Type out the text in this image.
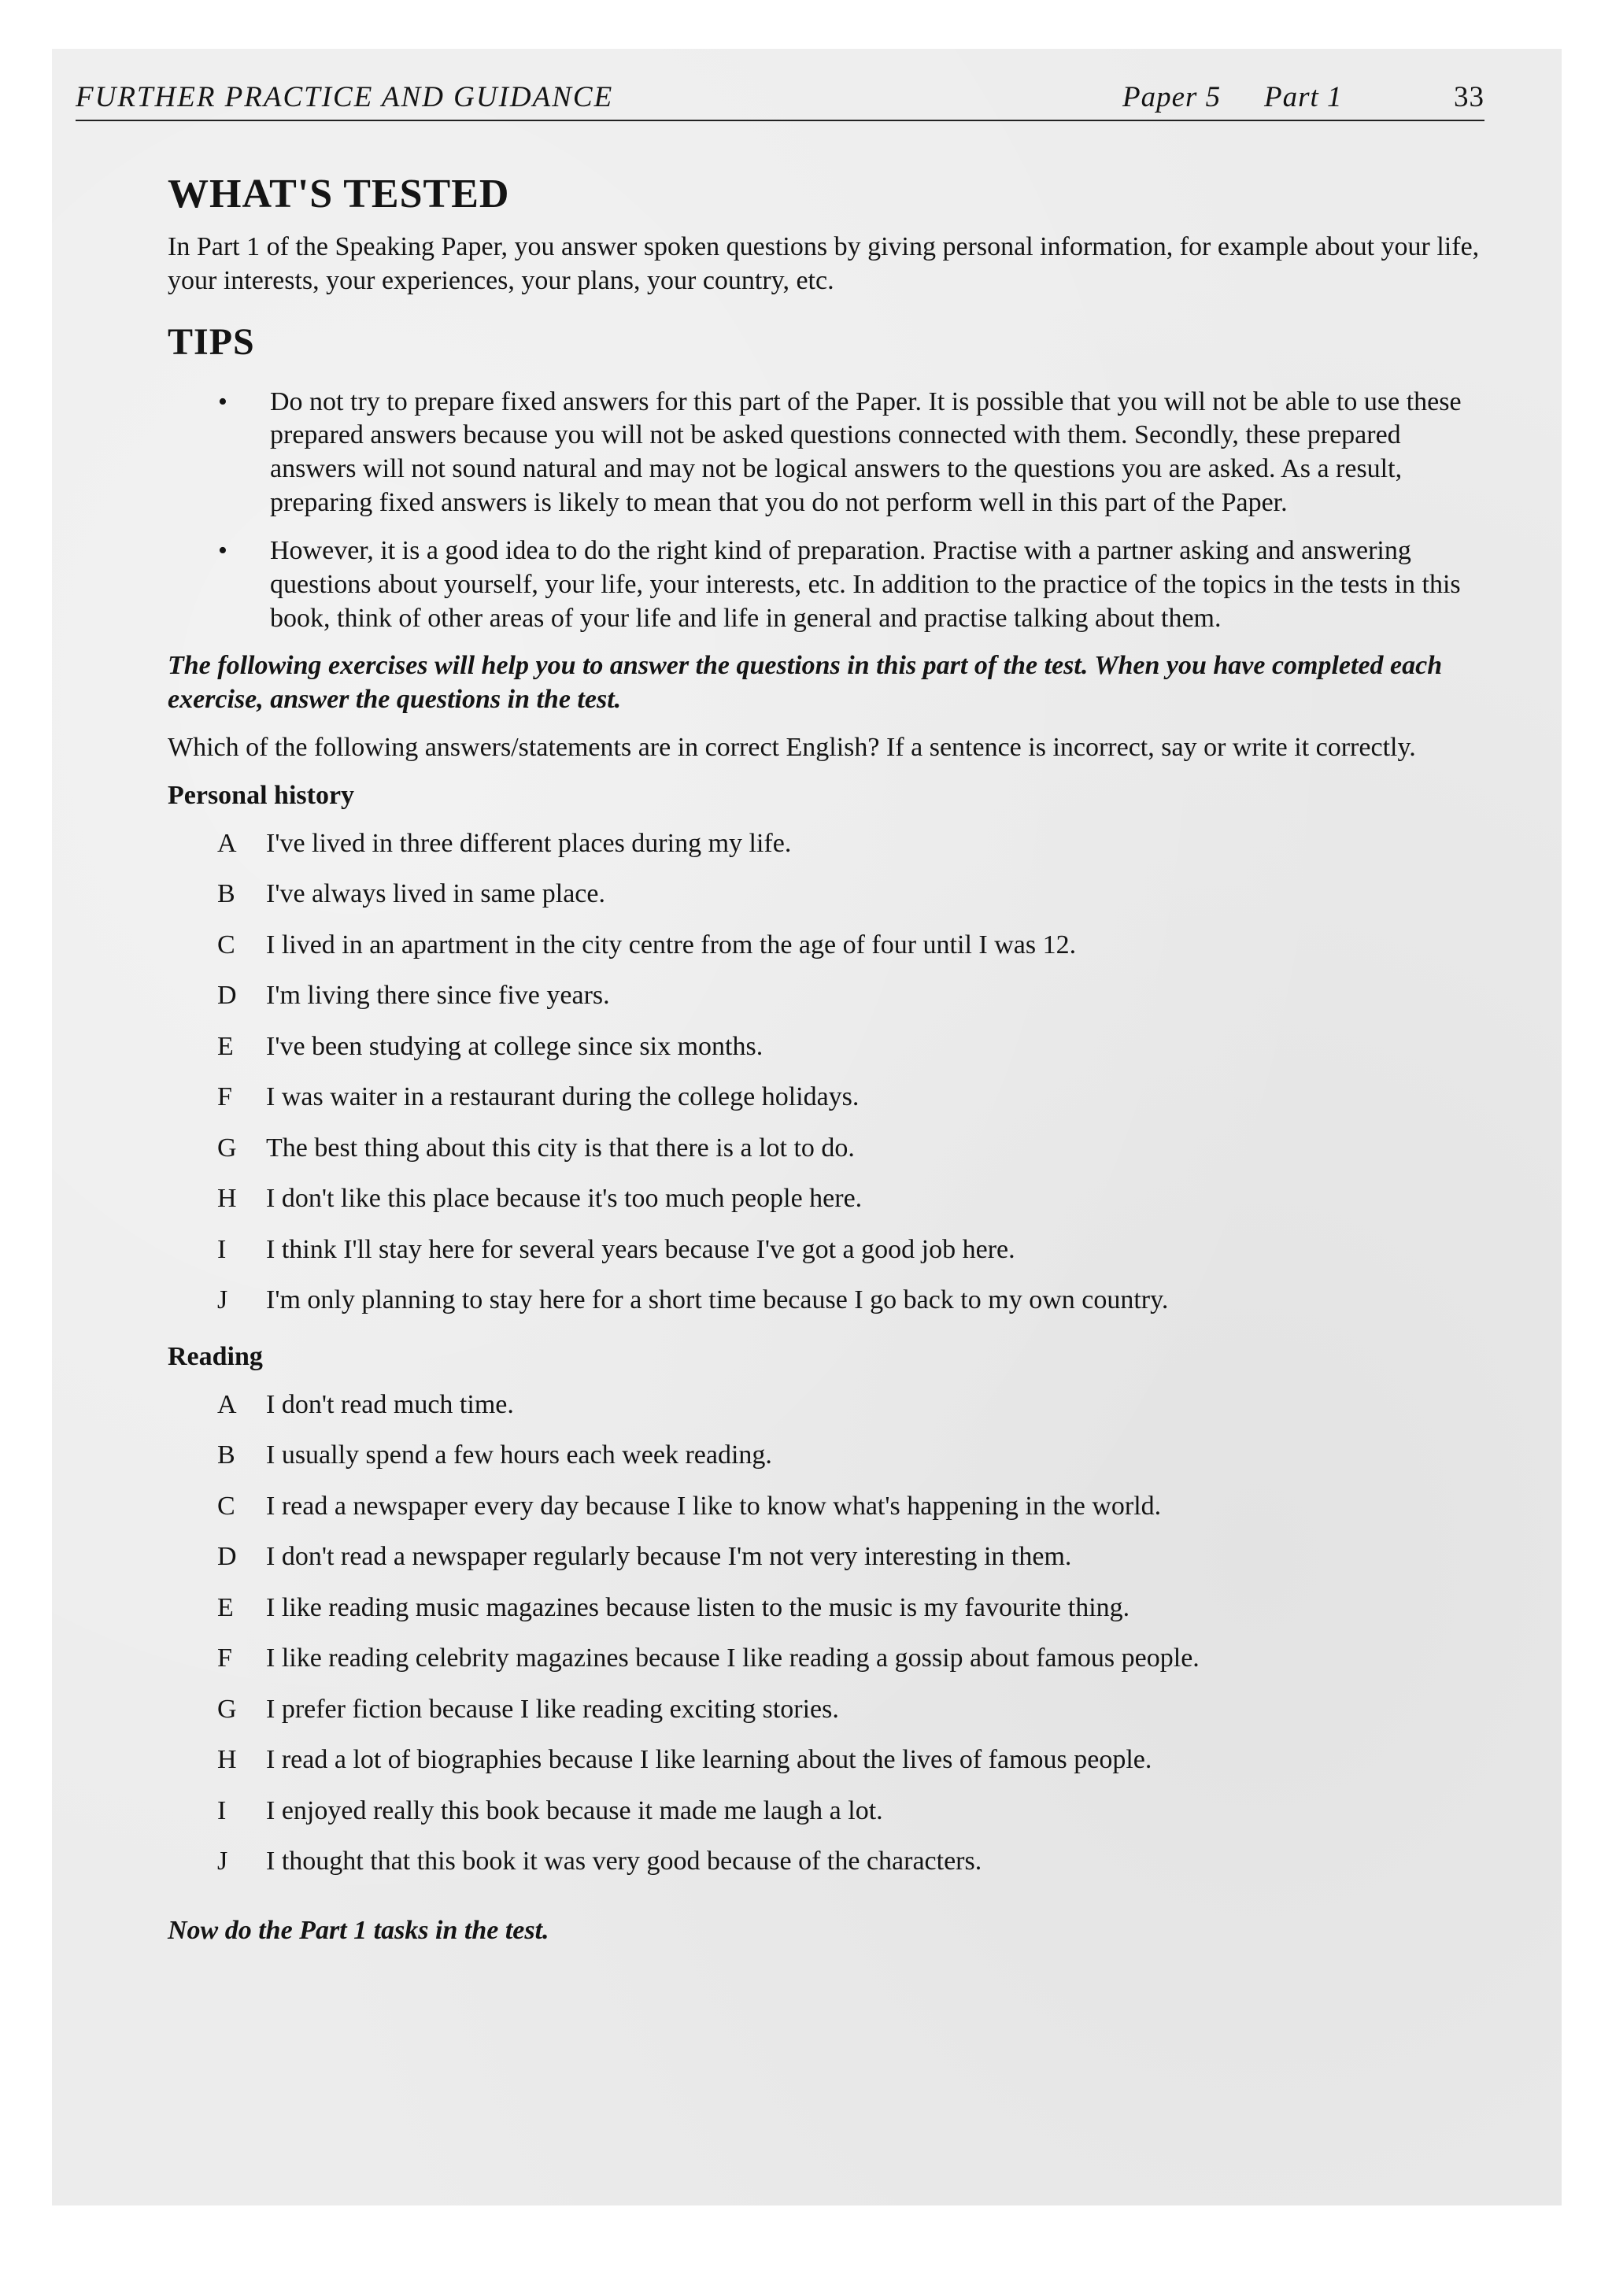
FURTHER PRACTICE AND GUIDANCE	Paper 5 Part 1	33
WHAT'S TESTED

In Part 1 of the Speaking Paper, you answer spoken questions by giving personal information, for example about your life, your interests, your experiences, your plans, your country, etc.

TIPS
• Do not try to prepare fixed answers for this part of the Paper. It is possible that you will not be able to use these prepared answers because you will not be asked questions connected with them. Secondly, these prepared answers will not sound natural and may not be logical answers to the questions you are asked. As a result, preparing fixed answers is likely to mean that you do not perform well in this part of the Paper.
• However, it is a good idea to do the right kind of preparation. Practise with a partner asking and answering questions about yourself, your life, your interests, etc. In addition to the practice of the topics in the tests in this book, think of other areas of your life and life in general and practise talking about them.

The following exercises will help you to answer the questions in this part of the test. When you have completed each exercise, answer the questions in the test.

Which of the following answers/statements are in correct English? If a sentence is incorrect, say or write it correctly.

Personal history
A I've lived in three different places during my life.
B I've always lived in same place.
C I lived in an apartment in the city centre from the age of four until I was 12.
D I'm living there since five years.
E I've been studying at college since six months.
F I was waiter in a restaurant during the college holidays.
G The best thing about this city is that there is a lot to do.
H I don't like this place because it's too much people here.
I I think I'll stay here for several years because I've got a good job here.
J I'm only planning to stay here for a short time because I go back to my own country.
Reading
A I don't read much time.
B I usually spend a few hours each week reading.
C I read a newspaper every day because I like to know what's happening in the world.
D I don't read a newspaper regularly because I'm not very interesting in them.
E I like reading music magazines because listen to the music is my favourite thing.
F I like reading celebrity magazines because I like reading a gossip about famous people.
G I prefer fiction because I like reading exciting stories.
H I read a lot of biographies because I like learning about the lives of famous people.
I I enjoyed really this book because it made me laugh a lot.
J I thought that this book it was very good because of the characters.

Now do the Part 1 tasks in the test.
